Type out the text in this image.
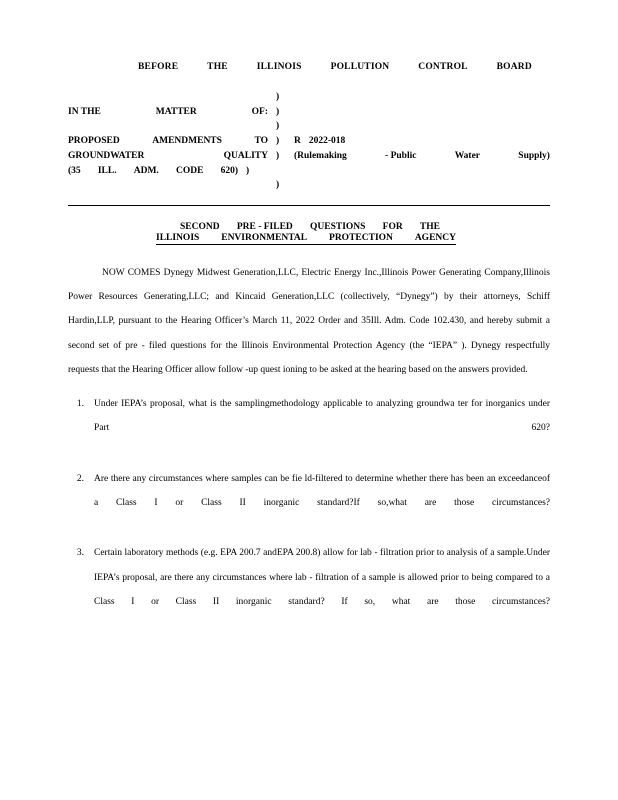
BEFORE	THE	ILLINOIS	POLLUTION	CONTROL	BOARD
)
IN THE	MATTER	OF: )
)
PROPOSED	AMENDMENTS	TO )	R 2022-018
GROUNDWATER	QUALITY )	(Rulemaking	- Public	Water	Supply)
(35 ILL. ADM. CODE 620) )
)
SECOND PRE - FILED QUESTIONS FOR THE
ILLINOIS ENVIRONMENTAL PROTECTION AGENCY

NOW COMES Dynegy Midwest Generation,LLC, Electric Energy Inc.,Illinois Power Generating Company,Illinois Power Resources Generating,LLC; and Kincaid Generation,LLC (collectively, “Dynegy”) by their attorneys, Schiff Hardin,LLP, pursuant to the Hearing Officer’s March 11, 2022 Order and 35Ill. Adm. Code 102.430, and hereby submit a second set of pre - filed questions for the Illinois Environmental Protection Agency (the “IEPA” ). Dynegy respectfully requests that the Hearing Officer allow follow -up quest ioning to be asked at the hearing based on the answers provided.

1.	Under IEPA’s proposal, what is the samplingmethodology applicable to analyzing groundwa ter for inorganics under Part 620?
2.	Are there any circumstances where samples can be fie ld-filtered to determine whether there has been an exceedanceof a Class I or Class II inorganic standard?If so,what are those circumstances?
3.	Certain laboratory methods (e.g. EPA 200.7 andEPA 200.8) allow for lab - filtration prior to analysis of a sample.Under IEPA’s proposal, are there any circumstances where lab - filtration of a sample is allowed prior to being compared to a Class I or Class II inorganic standard? If so, what are those circumstances?
